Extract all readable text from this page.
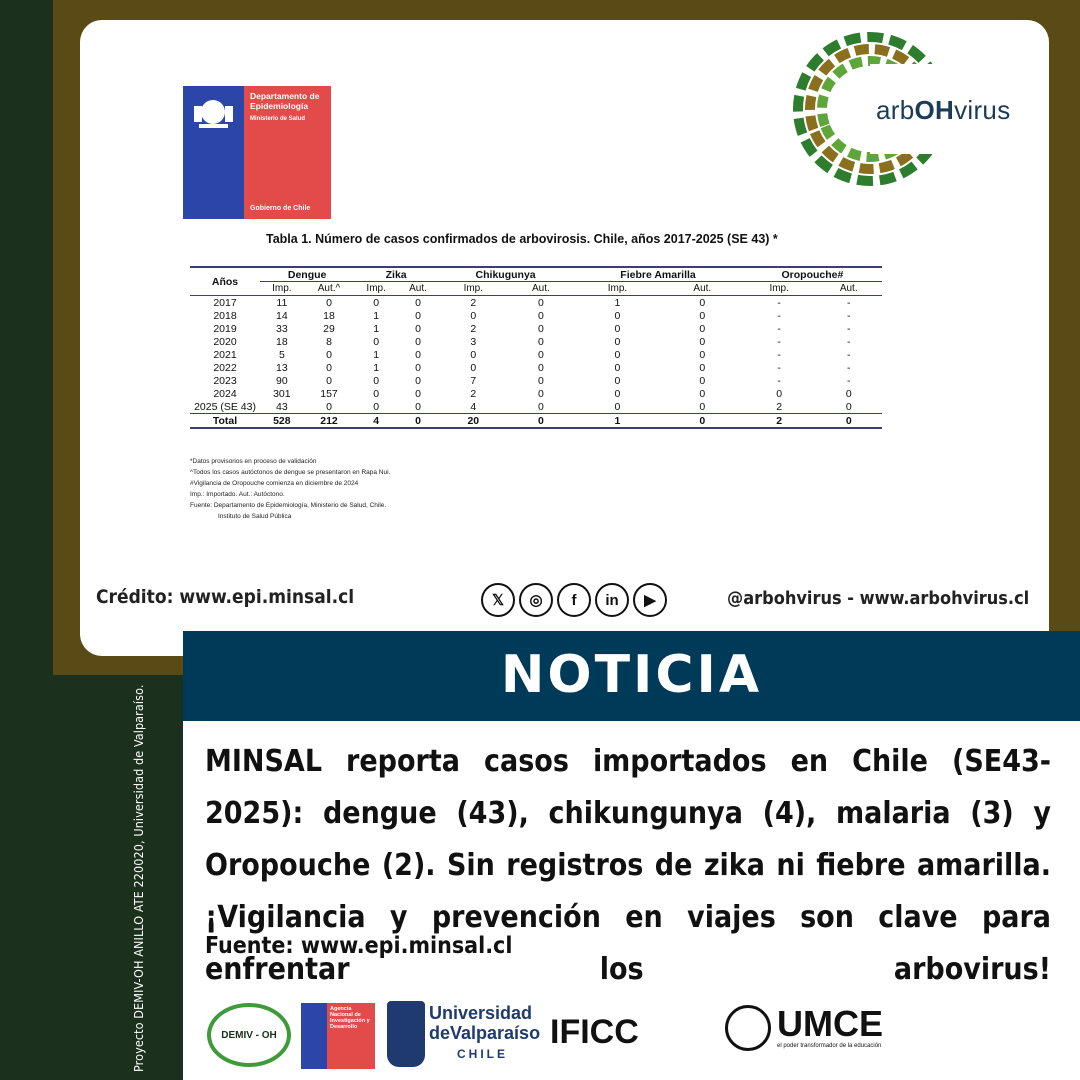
Proyecto DEMIV-OH ANILLO ATE 220020, Universidad de Valparaíso.
Departamento de Epidemiología
Ministerio de Salud
Gobierno de Chile
arbOHvirus
Tabla 1. Número de casos confirmados de arbovirosis. Chile, años 2017-2025 (SE 43) *
Años	Dengue		Zika		Chikugunya		Fiebre Amarilla		Oropouche#	
	Imp.	Aut.^	Imp.	Aut.	Imp.	Aut.	Imp.	Aut.	Imp.	Aut.
2017	11	0	0	0	2	0	1	0	-	-
2018	14	18	1	0	0	0	0	0	-	-
2019	33	29	1	0	2	0	0	0	-	-
2020	18	8	0	0	3	0	0	0	-	-
2021	5	0	1	0	0	0	0	0	-	-
2022	13	0	1	0	0	0	0	0	-	-
2023	90	0	0	0	7	0	0	0	-	-
2024	301	157	0	0	2	0	0	0	0	0
2025 (SE 43)	43	0	0	0	4	0	0	0	2	0
Total	528	212	4	0	20	0	1	0	2	0
*Datos provisorios en proceso de validación
^Todos los casos autóctonos de dengue se presentaron en Rapa Nui.
#Vigilancia de Oropouche comienza en diciembre de 2024
Imp.: Importado. Aut.: Autóctono.
Fuente: Departamento de Epidemiología, Ministerio de Salud, Chile.
Instituto de Salud Pública
Crédito: www.epi.minsal.cl	𝕏	◎	f	in	▶	@arbohvirus - www.arbohvirus.cl
NOTICIA
MINSAL reporta casos importados en Chile (SE43-2025): dengue (43), chikungunya (4), malaria (3) y Oropouche (2). Sin registros de zika ni fiebre amarilla. ¡Vigilancia y prevención en viajes son clave para enfrentar los arbovirus!
Fuente: www.epi.minsal.cl
DEMIV - OH
Agencia Nacional de Investigación y Desarrollo
Universidad
deValparaíso
CHILE
IFICC	UMCE
el poder transformador de la educación
